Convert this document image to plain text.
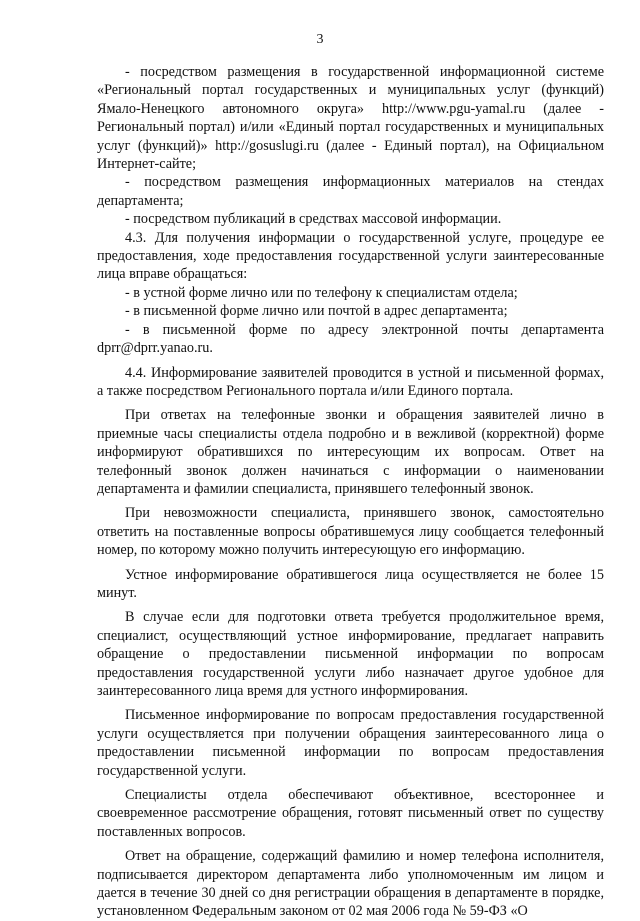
3

- посредством размещения в государственной информационной системе «Региональный портал государственных и муниципальных услуг (функций) Ямало-Ненецкого автономного округа» http://www.pgu-yamal.ru (далее - Региональный портал) и/или «Единый портал государственных и муниципальных услуг (функций)» http://gosuslugi.ru (далее - Единый портал), на Официальном Интернет-сайте;

- посредством размещения информационных материалов на стендах департамента;

- посредством публикаций в средствах массовой информации.

4.3. Для получения информации о государственной услуге, процедуре ее предоставления, ходе предоставления государственной услуги заинтересованные лица вправе обращаться:

- в устной форме лично или по телефону к специалистам отдела;

- в письменной форме лично или почтой в адрес департамента;

- в письменной форме по адресу электронной почты департамента dprr@dprr.yanao.ru.

4.4. Информирование заявителей проводится в устной и письменной формах, а также посредством Регионального портала и/или Единого портала.

При ответах на телефонные звонки и обращения заявителей лично в приемные часы специалисты отдела подробно и в вежливой (корректной) форме информируют обратившихся по интересующим их вопросам. Ответ на телефонный звонок должен начинаться с информации о наименовании департамента и фамилии специалиста, принявшего телефонный звонок.

При невозможности специалиста, принявшего звонок, самостоятельно ответить на поставленные вопросы обратившемуся лицу сообщается телефонный номер, по которому можно получить интересующую его информацию.

Устное информирование обратившегося лица осуществляется не более 15 минут.

В случае если для подготовки ответа требуется продолжительное время, специалист, осуществляющий устное информирование, предлагает направить обращение о предоставлении письменной информации по вопросам предоставления государственной услуги либо назначает другое удобное для заинтересованного лица время для устного информирования.

Письменное информирование по вопросам предоставления государственной услуги осуществляется при получении обращения заинтересованного лица о предоставлении письменной информации по вопросам предоставления государственной услуги.

Специалисты отдела обеспечивают объективное, всестороннее и своевременное рассмотрение обращения, готовят письменный ответ по существу поставленных вопросов.

Ответ на обращение, содержащий фамилию и номер телефона исполнителя, подписывается директором департамента либо уполномоченным им лицом и дается в течение 30 дней со дня регистрации обращения в департаменте в порядке, установленном Федеральным законом от 02 мая 2006 года № 59-ФЗ «О
